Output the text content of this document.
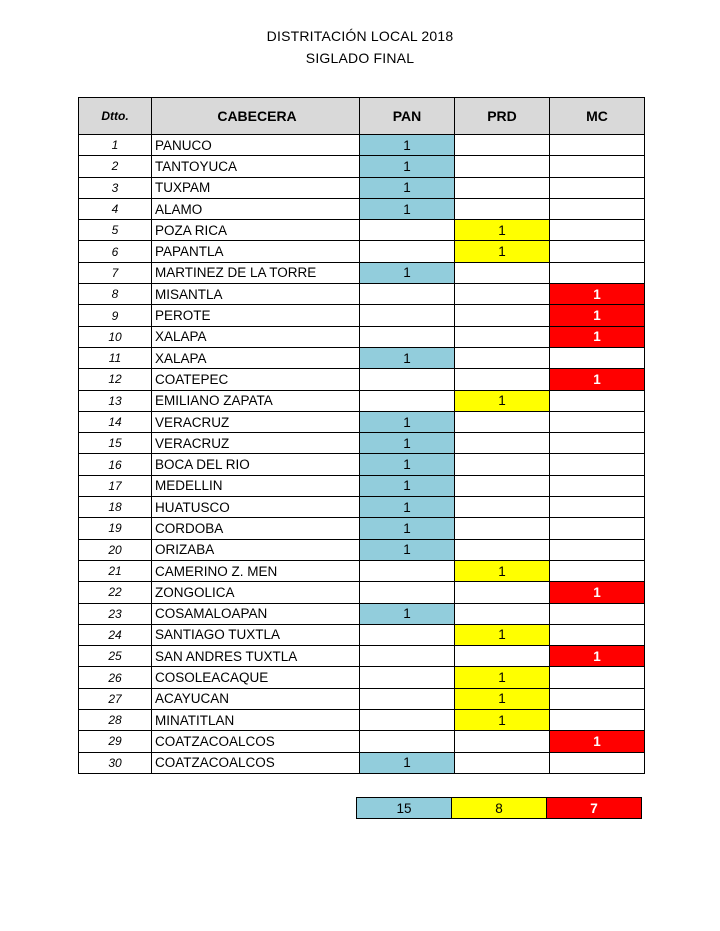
DISTRITACIÓN LOCAL 2018
SIGLADO FINAL
Dtto.	CABECERA	PAN	PRD	MC
1	PANUCO	1		
2	TANTOYUCA	1		
3	TUXPAM	1		
4	ALAMO	1		
5	POZA RICA		1	
6	PAPANTLA		1	
7	MARTINEZ DE LA TORRE	1		
8	MISANTLA			1
9	PEROTE			1
10	XALAPA			1
11	XALAPA	1		
12	COATEPEC			1
13	EMILIANO ZAPATA		1	
14	VERACRUZ	1		
15	VERACRUZ	1		
16	BOCA DEL RIO	1		
17	MEDELLIN	1		
18	HUATUSCO	1		
19	CORDOBA	1		
20	ORIZABA	1		
21	CAMERINO Z. MEN		1	
22	ZONGOLICA			1
23	COSAMALOAPAN	1		
24	SANTIAGO TUXTLA		1	
25	SAN ANDRES TUXTLA			1
26	COSOLEACAQUE		1	
27	ACAYUCAN		1	
28	MINATITLAN		1	
29	COATZACOALCOS			1
30	COATZACOALCOS	1		
15	8	7
